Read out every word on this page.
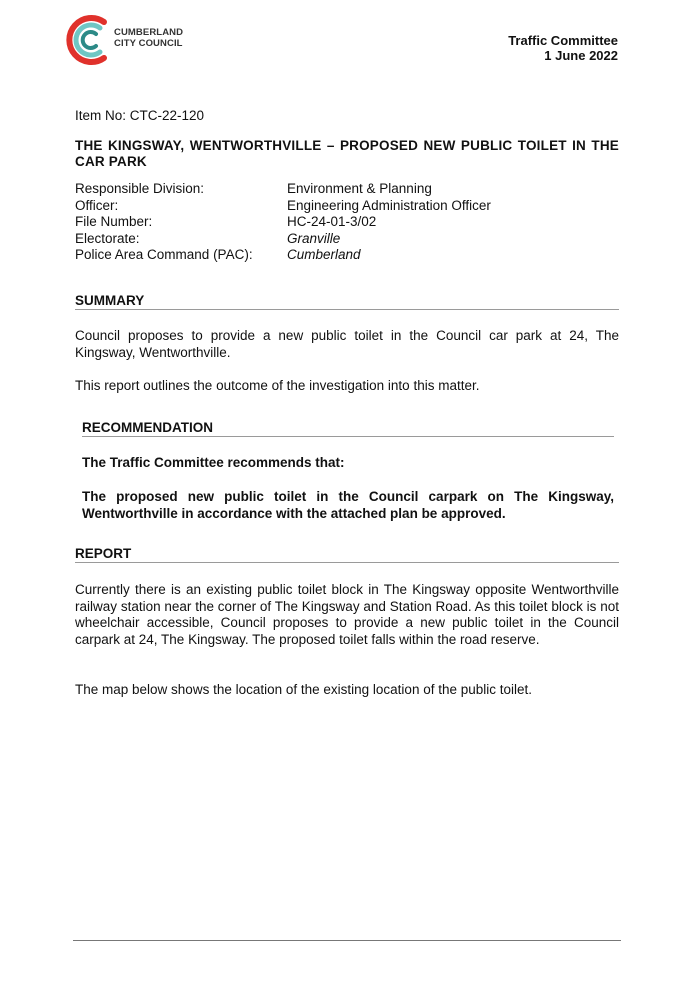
CUMBERLAND
CITY COUNCIL	Traffic Committee
1 June 2022
Item No: CTC-22-120
THE KINGSWAY, WENTWORTHVILLE – PROPOSED NEW PUBLIC TOILET IN THE CAR PARK
Responsible Division:	Environment & Planning
Officer:	Engineering Administration Officer
File Number:	HC-24-01-3/02
Electorate:	Granville
Police Area Command (PAC):	Cumberland
SUMMARY
Council proposes to provide a new public toilet in the Council car park at 24, The Kingsway, Wentworthville.
This report outlines the outcome of the investigation into this matter.
RECOMMENDATION
The Traffic Committee recommends that:
The proposed new public toilet in the Council carpark on The Kingsway, Wentworthville in accordance with the attached plan be approved.
REPORT
Currently there is an existing public toilet block in The Kingsway opposite Wentworthville railway station near the corner of The Kingsway and Station Road. As this toilet block is not wheelchair accessible, Council proposes to provide a new public toilet in the Council carpark at 24, The Kingsway. The proposed toilet falls within the road reserve.
The map below shows the location of the existing location of the public toilet.
